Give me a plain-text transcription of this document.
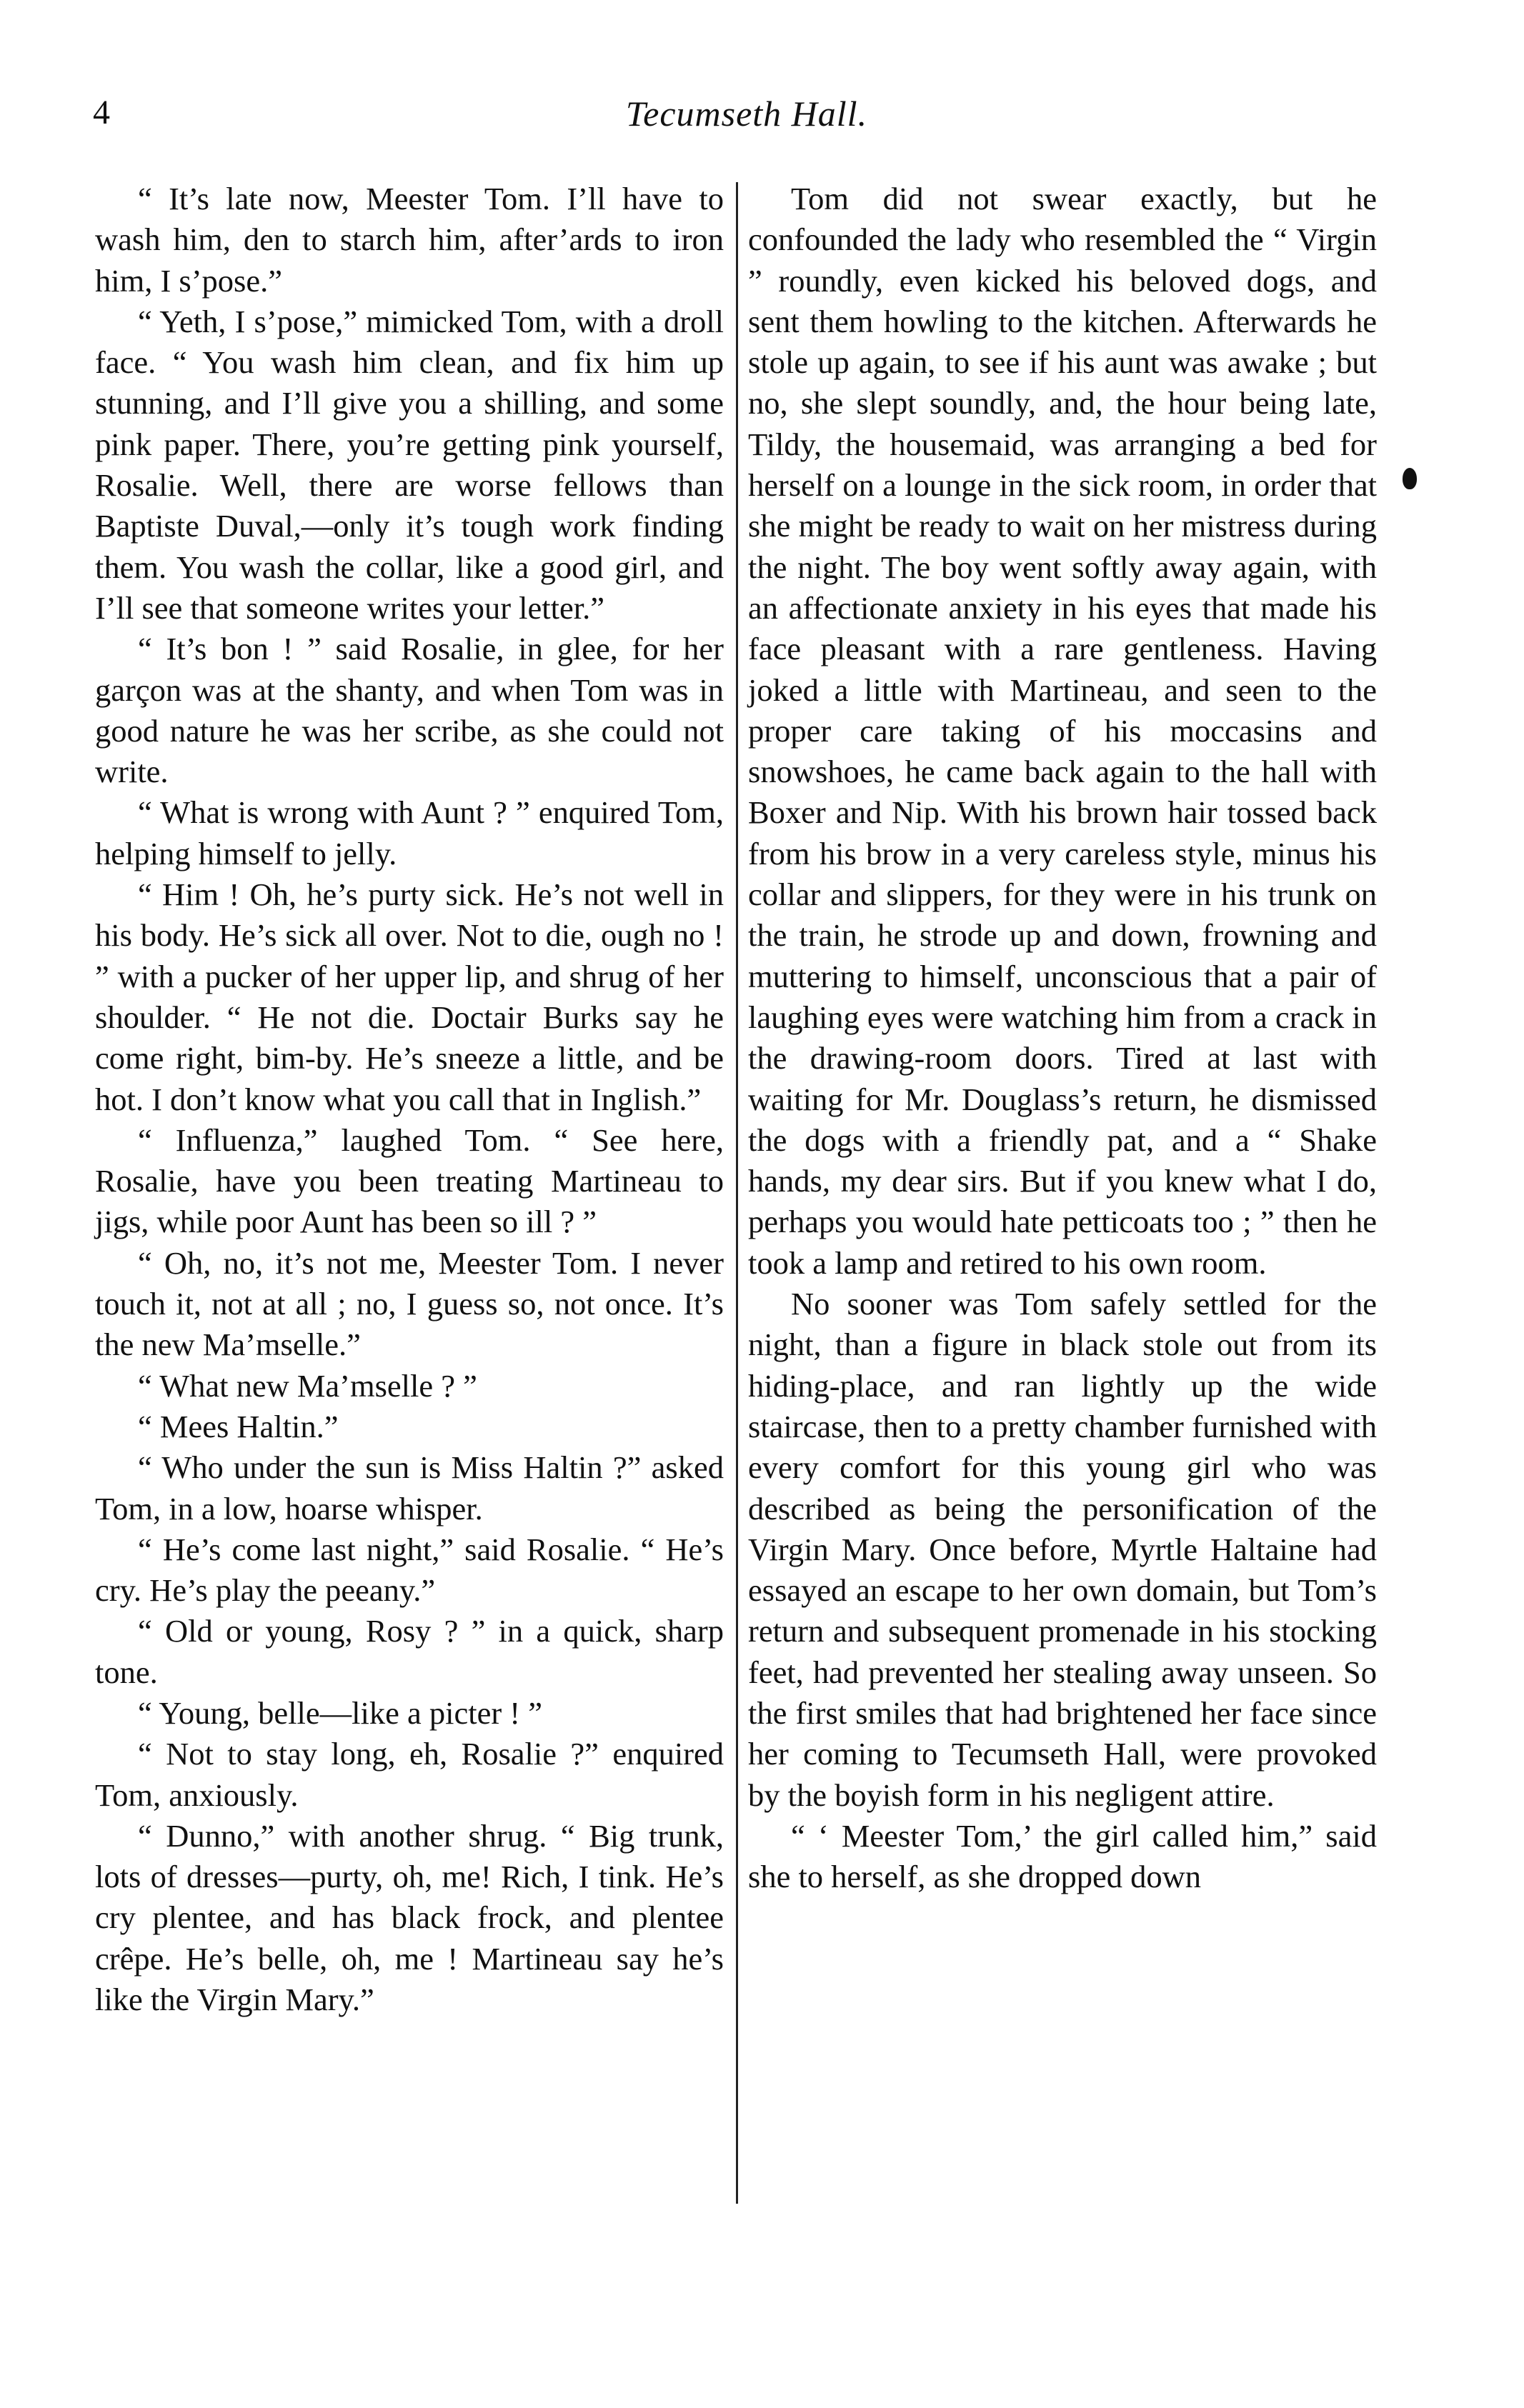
4	Tecumseth Hall.

“ It’s late now, Meester Tom. I’ll have to wash him, den to starch him, after’ards to iron him, I s’pose.”

“ Yeth, I s’pose,” mimicked Tom, with a droll face. “ You wash him clean, and fix him up stunning, and I’ll give you a shilling, and some pink paper. There, you’re getting pink yourself, Rosalie. Well, there are worse fellows than Baptiste Duval,—only it’s tough work finding them. You wash the collar, like a good girl, and I’ll see that someone writes your letter.”

“ It’s bon ! ” said Rosalie, in glee, for her garçon was at the shanty, and when Tom was in good nature he was her scribe, as she could not write.

“ What is wrong with Aunt ? ” enquired Tom, helping himself to jelly.

“ Him ! Oh, he’s purty sick. He’s not well in his body. He’s sick all over. Not to die, ough no ! ” with a pucker of her upper lip, and shrug of her shoulder. “ He not die. Doctair Burks say he come right, bim-by. He’s sneeze a little, and be hot. I don’t know what you call that in Inglish.”

“ Influenza,” laughed Tom. “ See here, Rosalie, have you been treating Martineau to jigs, while poor Aunt has been so ill ? ”

“ Oh, no, it’s not me, Meester Tom. I never touch it, not at all ; no, I guess so, not once. It’s the new Ma’mselle.”

“ What new Ma’mselle ? ”

“ Mees Haltin.”

“ Who under the sun is Miss Haltin ?” asked Tom, in a low, hoarse whisper.

“ He’s come last night,” said Rosalie. “ He’s cry. He’s play the peeany.”

“ Old or young, Rosy ? ” in a quick, sharp tone.

“ Young, belle—like a picter ! ”

“ Not to stay long, eh, Rosalie ?” enquired Tom, anxiously.

“ Dunno,” with another shrug. “ Big trunk, lots of dresses—purty, oh, me! Rich, I tink. He’s cry plentee, and has black frock, and plentee crêpe. He’s belle, oh, me ! Martineau say he’s like the Virgin Mary.”

Tom did not swear exactly, but he confounded the lady who resembled the “ Virgin ” roundly, even kicked his beloved dogs, and sent them howling to the kitchen. Afterwards he stole up again, to see if his aunt was awake ; but no, she slept soundly, and, the hour being late, Tildy, the housemaid, was arranging a bed for herself on a lounge in the sick room, in order that she might be ready to wait on her mistress during the night. The boy went softly away again, with an affectionate anxiety in his eyes that made his face pleasant with a rare gentleness. Having joked a little with Martineau, and seen to the proper care taking of his moccasins and snowshoes, he came back again to the hall with Boxer and Nip. With his brown hair tossed back from his brow in a very careless style, minus his collar and slippers, for they were in his trunk on the train, he strode up and down, frowning and muttering to himself, unconscious that a pair of laughing eyes were watching him from a crack in the drawing-room doors. Tired at last with waiting for Mr. Douglass’s return, he dismissed the dogs with a friendly pat, and a “ Shake hands, my dear sirs. But if you knew what I do, perhaps you would hate petticoats too ; ” then he took a lamp and retired to his own room.

No sooner was Tom safely settled for the night, than a figure in black stole out from its hiding-place, and ran lightly up the wide staircase, then to a pretty chamber furnished with every comfort for this young girl who was described as being the personification of the Virgin Mary. Once before, Myrtle Haltaine had essayed an escape to her own domain, but Tom’s return and subsequent promenade in his stocking feet, had prevented her stealing away unseen. So the first smiles that had brightened her face since her coming to Tecumseth Hall, were provoked by the boyish form in his negligent attire.

“ ‘ Meester Tom,’ the girl called him,” said she to herself, as she dropped down
